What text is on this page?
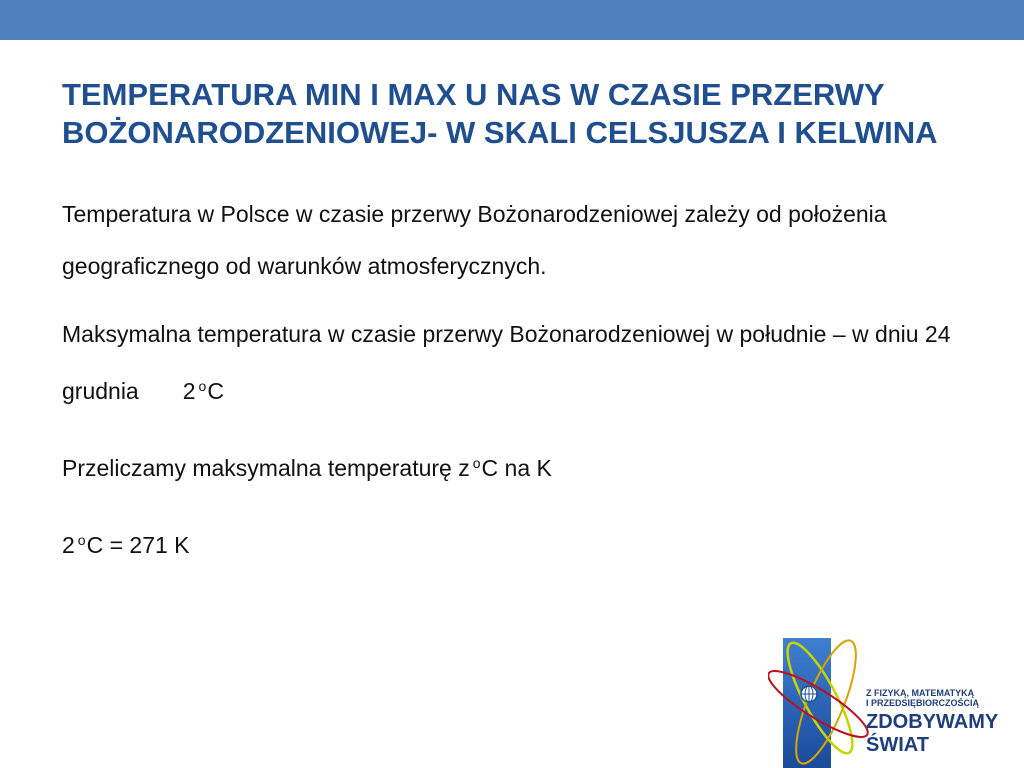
TEMPERATURA MIN I MAX U NAS W CZASIE PRZERWY BOŻONARODZENIOWEJ- W SKALI CELSJUSZA I KELWINA

Temperatura w Polsce w czasie przerwy Bożonarodzeniowej zależy od położenia geograficznego od warunków atmosferycznych.

Maksymalna temperatura w czasie przerwy Bożonarodzeniowej w południe – w dniu 24 grudnia 2 $^o$C

Przeliczamy maksymalna temperaturę z $^o$C na K

2 $^o$C = 271 K

Z FIZYKĄ, MATEMATYKĄ
I PRZEDSIĘBIORCZOŚCIĄ
ZDOBYWAMY
ŚWIAT
